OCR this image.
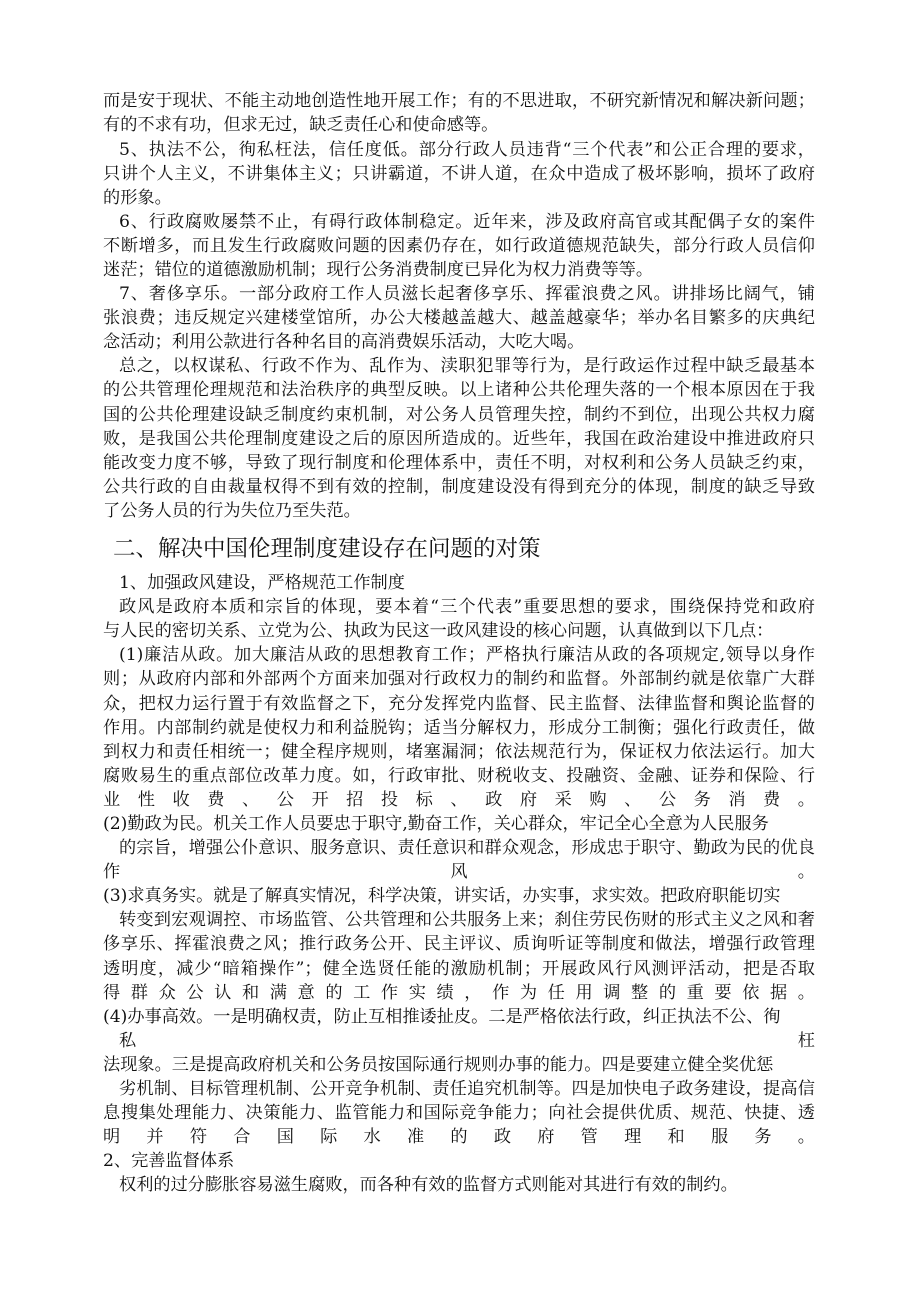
而是安于现状、不能主动地创造性地开展工作；有的不思进取，不研究新情况和解决新问题；
有的不求有功，但求无过，缺乏责任心和使命感等。
5、执法不公，徇私枉法，信任度低。部分行政人员违背“三个代表”和公正合理的要求，
只讲个人主义，不讲集体主义；只讲霸道，不讲人道，在众中造成了极坏影响，损坏了政府
的形象。
6、行政腐败屡禁不止，有碍行政体制稳定。近年来，涉及政府高官或其配偶子女的案件
不断增多，而且发生行政腐败问题的因素仍存在，如行政道德规范缺失，部分行政人员信仰
迷茫；错位的道德激励机制；现行公务消费制度已异化为权力消费等等。
7、奢侈享乐。一部分政府工作人员滋长起奢侈享乐、挥霍浪费之风。讲排场比阔气，铺
张浪费；违反规定兴建楼堂馆所，办公大楼越盖越大、越盖越豪华；举办名目繁多的庆典纪
念活动；利用公款进行各种名目的高消费娱乐活动，大吃大喝。
总之，以权谋私、行政不作为、乱作为、渎职犯罪等行为，是行政运作过程中缺乏最基本
的公共管理伦理规范和法治秩序的典型反映。以上诸种公共伦理失落的一个根本原因在于我
国的公共伦理建设缺乏制度约束机制，对公务人员管理失控，制约不到位，出现公共权力腐
败，是我国公共伦理制度建设之后的原因所造成的。近些年，我国在政治建设中推进政府只
能改变力度不够，导致了现行制度和伦理体系中，责任不明，对权利和公务人员缺乏约束，
公共行政的自由裁量权得不到有效的控制，制度建设没有得到充分的体现，制度的缺乏导致
了公务人员的行为失位乃至失范。
二、解决中国伦理制度建设存在问题的对策
1、加强政风建设，严格规范工作制度
政风是政府本质和宗旨的体现，要本着“三个代表”重要思想的要求，围绕保持党和政府
与人民的密切关系、立党为公、执政为民这一政风建设的核心问题，认真做到以下几点：
(1)廉洁从政。加大廉洁从政的思想教育工作；严格执行廉洁从政的各项规定,领导以身作
则；从政府内部和外部两个方面来加强对行政权力的制约和监督。外部制约就是依靠广大群
众，把权力运行置于有效监督之下，充分发挥党内监督、民主监督、法律监督和舆论监督的
作用。内部制约就是使权力和利益脱钩；适当分解权力，形成分工制衡；强化行政责任，做
到权力和责任相统一；健全程序规则，堵塞漏洞；依法规范行为，保证权力依法运行。加大
腐败易生的重点部位改革力度。如，行政审批、财税收支、投融资、金融、证券和保险、行
业性收费、公开招投标、政府采购、公务消费。
(2)勤政为民。机关工作人员要忠于职守,勤奋工作，关心群众，牢记全心全意为人民服务
的宗旨，增强公仆意识、服务意识、责任意识和群众观念，形成忠于职守、勤政为民的优良
作风。
(3)求真务实。就是了解真实情况，科学决策，讲实话，办实事，求实效。把政府职能切实
转变到宏观调控、市场监管、公共管理和公共服务上来；刹住劳民伤财的形式主义之风和奢
侈享乐、挥霍浪费之风；推行政务公开、民主评议、质询听证等制度和做法，增强行政管理
透明度，减少“暗箱操作”；健全选贤任能的激励机制；开展政风行风测评活动，把是否取
得群众公认和满意的工作实绩，作为任用调整的重要依据。
(4)办事高效。一是明确权责，防止互相推诿扯皮。二是严格依法行政，纠正执法不公、徇
私枉
法现象。三是提高政府机关和公务员按国际通行规则办事的能力。四是要建立健全奖优惩
劣机制、目标管理机制、公开竞争机制、责任追究机制等。四是加快电子政务建设，提高信
息搜集处理能力、决策能力、监管能力和国际竞争能力；向社会提供优质、规范、快捷、透
明并符合国际水准的政府管理和服务。
2、完善监督体系
权利的过分膨胀容易滋生腐败，而各种有效的监督方式则能对其进行有效的制约。
